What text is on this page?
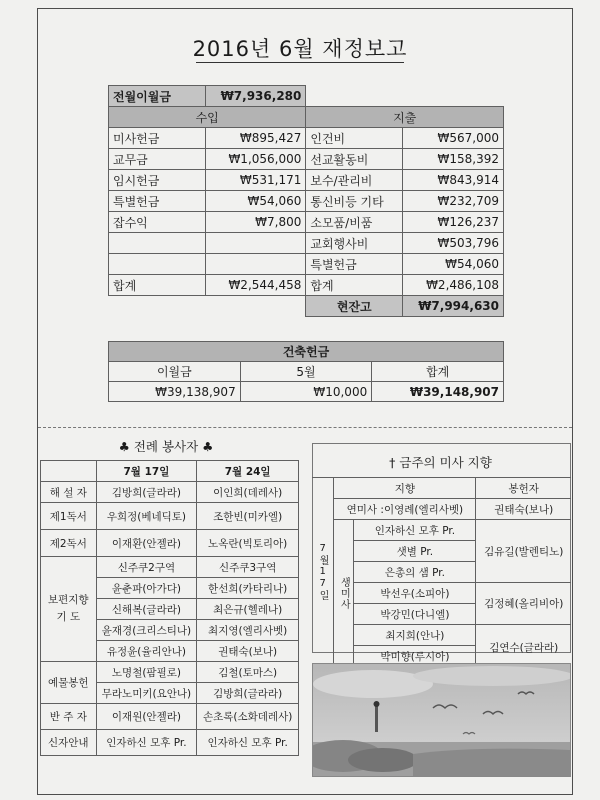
2016년 6월 재정보고
전월이월금	₩7,936,280		
수입		지출	
미사헌금	₩895,427	인건비	₩567,000
교무금	₩1,056,000	선교활동비	₩158,392
임시헌금	₩531,171	보수/관리비	₩843,914
특별헌금	₩54,060	통신비등 기타	₩232,709
잡수익	₩7,800	소모품/비품	₩126,237
		교회행사비	₩503,796
		특별헌금	₩54,060
합계	₩2,544,458	합계	₩2,486,108
		현잔고	₩7,994,630
건축헌금		
이월금	5월	합계
₩39,138,907	₩10,000	₩39,148,907
♣ 전례 봉사자 ♣
	7월 17일	7월 24일
해 설 자	김방희(글라라)	이인희(데레사)
제1독서	우희정(베네딕토)	조한빈(미카엘)
제2독서	이재환(안젤라)	노옥란(빅토리아)
보편지향
기 도	신주쿠2구역	신주쿠3구역
	윤춘파(아가다)	한선희(카타리나)
	신해복(글라라)	최은규(헬레나)
	윤재경(크리스티나)	최지영(엘리사벳)
	유정윤(율리안나)	권태숙(보나)
예물봉헌	노명철(팜필로)	김철(토마스)
	무라노미키(요안나)	김방희(글라라)
반 주 자	이재원(안젤라)	손초록(소화데레사)
신자안내	인자하신 모후 Pr.	인자하신 모후 Pr.
† 금주의 미사 지향
7월17일	지향		봉헌자
	연미사 :이영례(엘리사벳)		권태숙(보나)
	생미사	인자하신 모후 Pr.	김유길(발렌티노)
		샛별 Pr.	
		은총의 샘 Pr.	
		박선우(소피아)	김정혜(올리비아)
		박강민(다니엘)	
		최지희(안나)	김연수(글라라)
		박미향(루시아)	
